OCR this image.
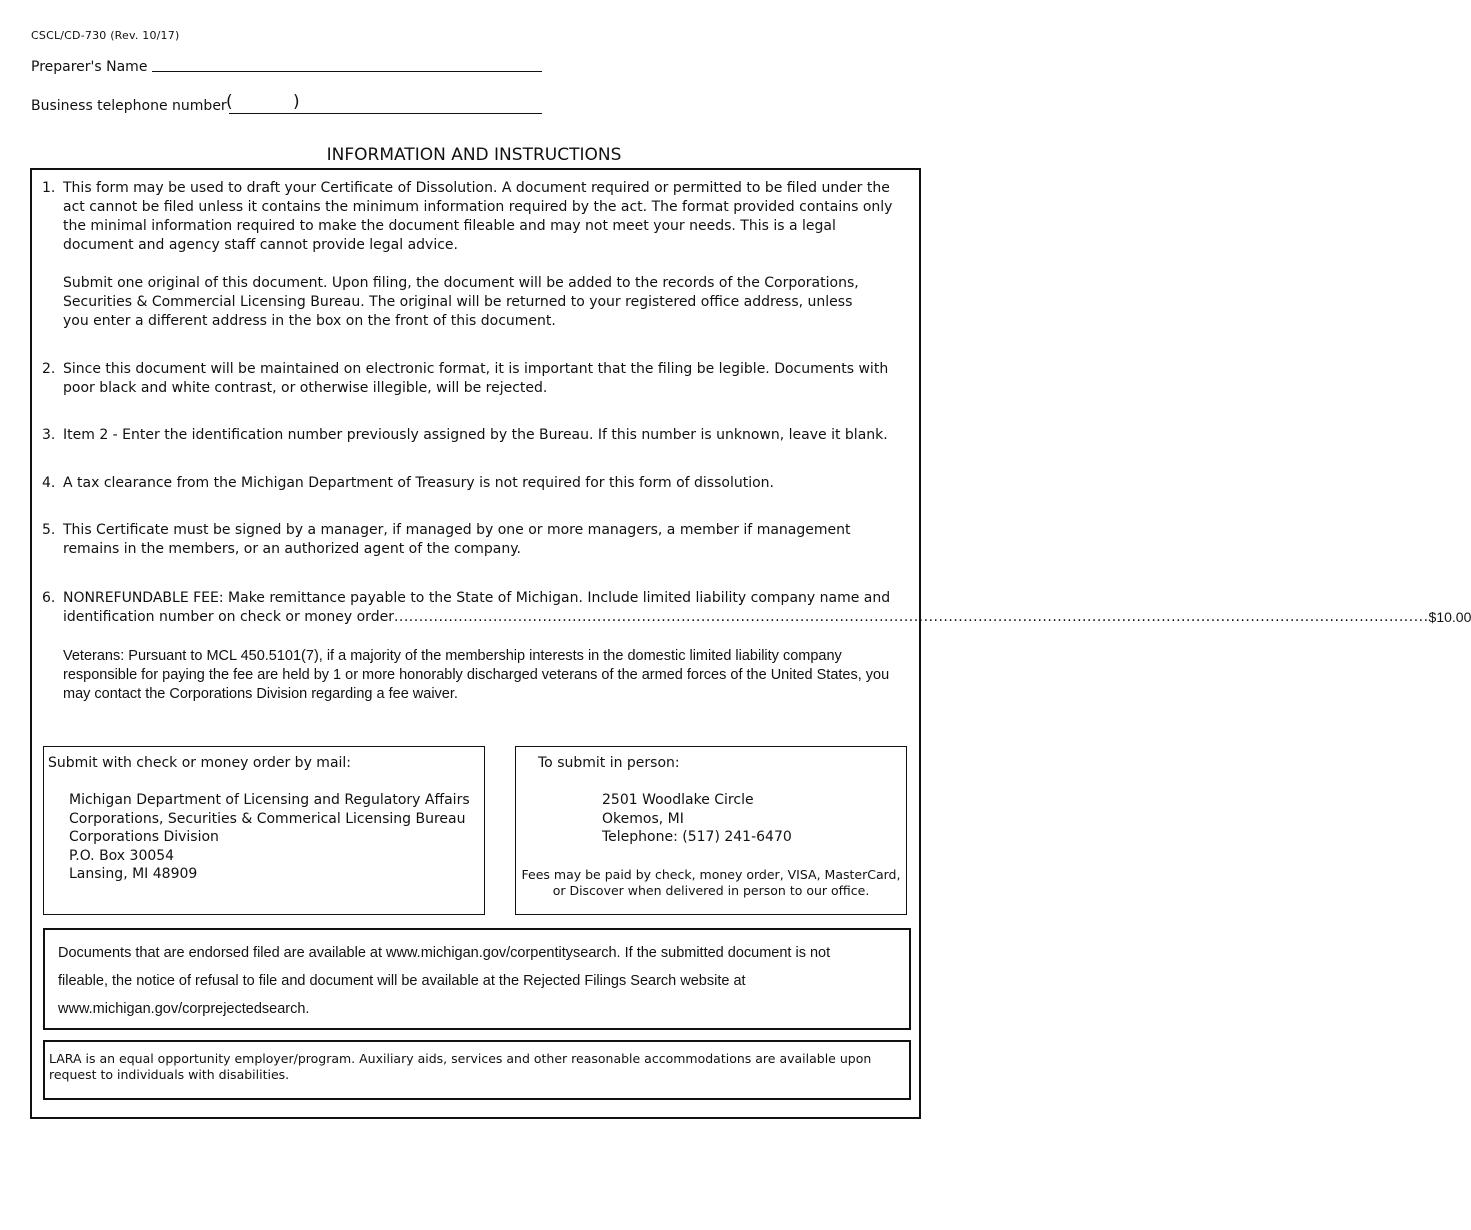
CSCL/CD-730 (Rev. 10/17)
Preparer's Name
Business telephone number (	)
INFORMATION AND INSTRUCTIONS
1. This form may be used to draft your Certificate of Dissolution. A document required or permitted to be filed under the act cannot be filed unless it contains the minimum information required by the act. The format provided contains only the minimal information required to make the document fileable and may not meet your needs. This is a legal document and agency staff cannot provide legal advice.
Submit one original of this document. Upon filing, the document will be added to the records of the Corporations, Securities & Commercial Licensing Bureau. The original will be returned to your registered office address, unless you enter a different address in the box on the front of this document.
2. Since this document will be maintained on electronic format, it is important that the filing be legible. Documents with poor black and white contrast, or otherwise illegible, will be rejected.
3. Item 2 - Enter the identification number previously assigned by the Bureau. If this number is unknown, leave it blank.
4. A tax clearance from the Michigan Department of Treasury is not required for this form of dissolution.
5. This Certificate must be signed by a manager, if managed by one or more managers, a member if management remains in the members, or an authorized agent of the company.
6. NONREFUNDABLE FEE: Make remittance payable to the State of Michigan. Include limited liability company name and
identification number on check or money order ................................................................................................................................................................................................................. $10.00
Veterans: Pursuant to MCL 450.5101(7), if a majority of the membership interests in the domestic limited liability company responsible for paying the fee are held by 1 or more honorably discharged veterans of the armed forces of the United States, you may contact the Corporations Division regarding a fee waiver.
Submit with check or money order by mail:
Michigan Department of Licensing and Regulatory Affairs
Corporations, Securities & Commerical Licensing Bureau
Corporations Division
P.O. Box 30054
Lansing, MI 48909
To submit in person:
2501 Woodlake Circle
Okemos, MI
Telephone: (517) 241-6470
Fees may be paid by check, money order, VISA, MasterCard, or Discover when delivered in person to our office.
Documents that are endorsed filed are available at www.michigan.gov/corpentitysearch. If the submitted document is not fileable, the notice of refusal to file and document will be available at the Rejected Filings Search website at www.michigan.gov/corprejectedsearch.
LARA is an equal opportunity employer/program. Auxiliary aids, services and other reasonable accommodations are available upon request to individuals with disabilities.
